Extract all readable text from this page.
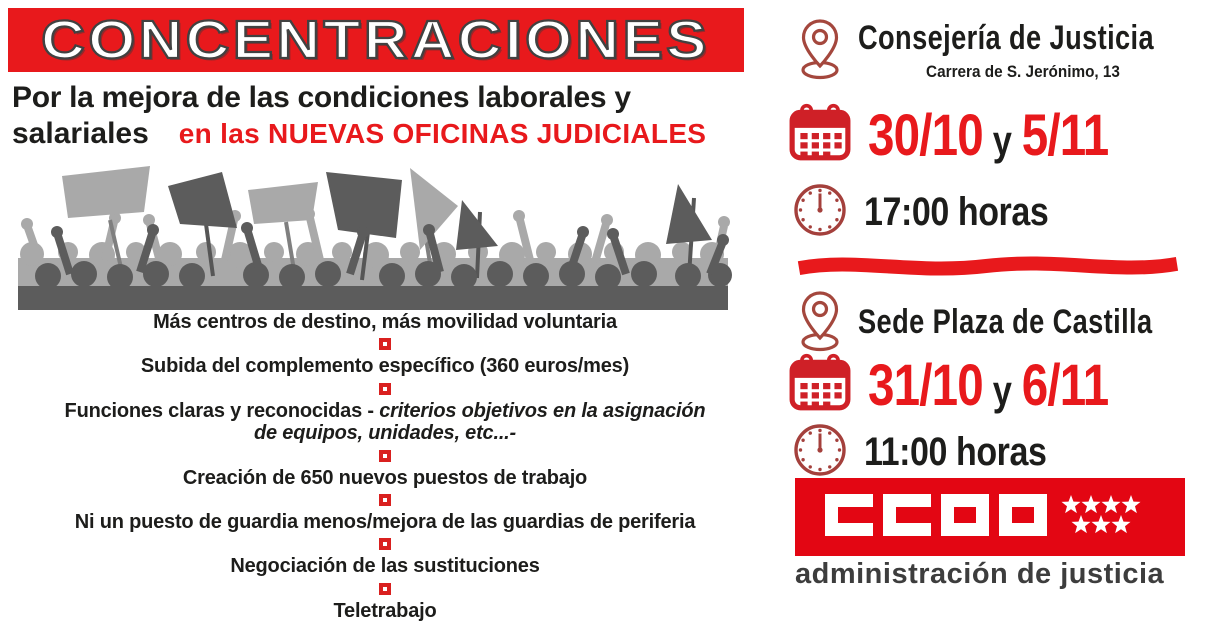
CONCENTRACIONES
Por la mejora de las condiciones laborales y
salariales en las NUEVAS OFICINAS JUDICIALES
Más centros de destino, más movilidad voluntaria
Subida del complemento específico (360 euros/mes)
Funciones claras y reconocidas - criterios objetivos en la asignación
de equipos, unidades, etc...-
Creación de 650 nuevos puestos de trabajo
Ni un puesto de guardia menos/mejora de las guardias de periferia
Negociación de las sustituciones
Teletrabajo
Consejería de Justicia
Carrera de S. Jerónimo, 13
30/10 y 5/11
17:00 horas
Sede Plaza de Castilla
31/10 y 6/11
11:00 horas
administración de justicia
